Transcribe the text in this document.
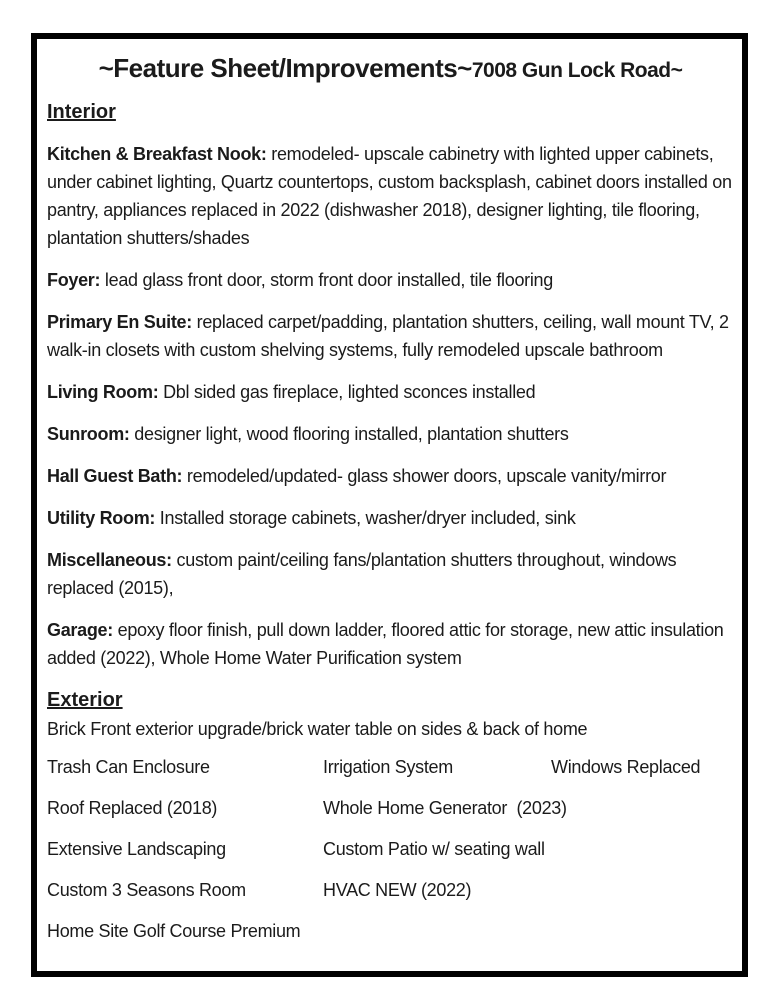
~Feature Sheet/Improvements~7008 Gun Lock Road~
Interior

Kitchen & Breakfast Nook: remodeled- upscale cabinetry with lighted upper cabinets, under cabinet lighting, Quartz countertops, custom backsplash, cabinet doors installed on pantry, appliances replaced in 2022 (dishwasher 2018), designer lighting, tile flooring, plantation shutters/shades

Foyer: lead glass front door, storm front door installed, tile flooring

Primary En Suite: replaced carpet/padding, plantation shutters, ceiling, wall mount TV, 2 walk-in closets with custom shelving systems, fully remodeled upscale bathroom

Living Room: Dbl sided gas fireplace, lighted sconces installed

Sunroom: designer light, wood flooring installed, plantation shutters

Hall Guest Bath: remodeled/updated- glass shower doors, upscale vanity/mirror

Utility Room: Installed storage cabinets, washer/dryer included, sink

Miscellaneous: custom paint/ceiling fans/plantation shutters throughout, windows replaced (2015),

Garage: epoxy floor finish, pull down ladder, floored attic for storage, new attic insulation added (2022), Whole Home Water Purification system

Exterior

Brick Front exterior upgrade/brick water table on sides & back of home

Trash Can Enclosure	Irrigation System	Windows Replaced
Roof Replaced (2018)	Whole Home Generator  (2023)
Extensive Landscaping	Custom Patio w/ seating wall
Custom 3 Seasons Room	HVAC NEW (2022)
Home Site Golf Course Premium
